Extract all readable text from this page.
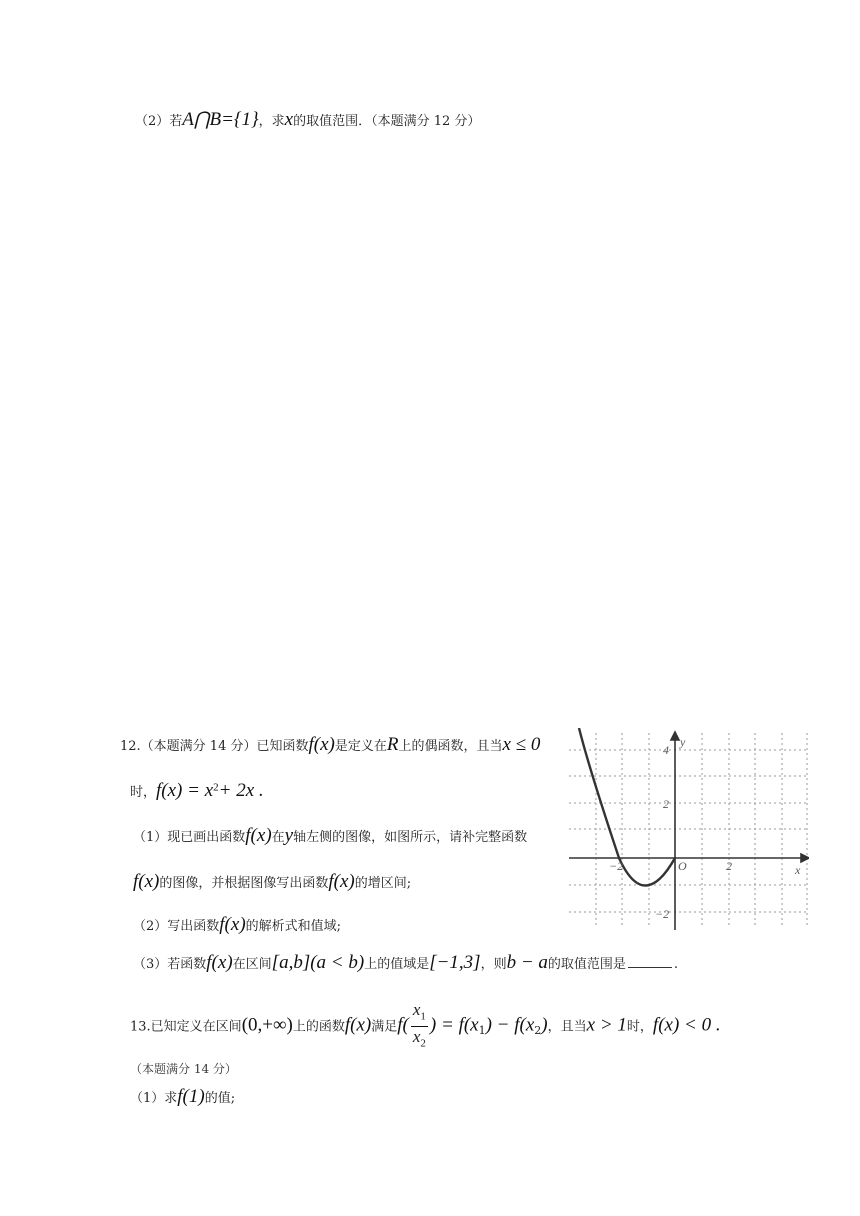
（2）若A⋂B={1}，求x的取值范围．（本题满分 12 分）
12.（本题满分 14 分）已知函数f(x)是定义在R上的偶函数，且当x ≤ 0
时，$f(x) = x^2+ 2x$ .
（1）现已画出函数f(x)在y轴左侧的图像，如图所示，请补完整函数
f(x)的图像，并根据图像写出函数f(x)的增区间;
（2）写出函数f(x)的解析式和值域;
（3）若函数f(x)在区间[a,b](a < b)上的值域是[−1,3]，则b − a的取值范围是	.
x
y
O
−2	2
4
2
−2
13.已知定义在区间(0,+∞)上的函数f(x)满足$f( \frac{x_1}{x_2}$ ) = $f(x_1) - f(x_2)$，且当x > 1时，f(x) < 0 .
（本题满分 14 分）
（1）求f(1)的值;
